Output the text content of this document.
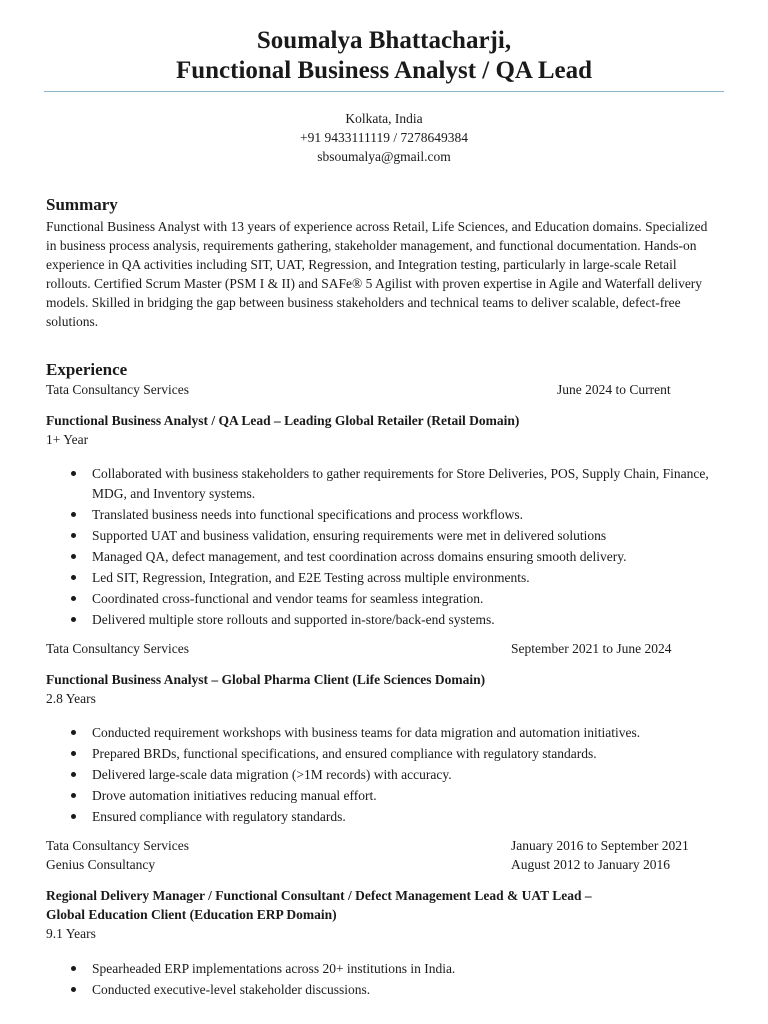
Soumalya Bhattacharji,
Functional Business Analyst / QA Lead
Kolkata, India
+91 9433111119 / 7278649384
sbsoumalya@gmail.com
Summary
Functional Business Analyst with 13 years of experience across Retail, Life Sciences, and Education domains. Specialized in business process analysis, requirements gathering, stakeholder management, and functional documentation. Hands-on experience in QA activities including SIT, UAT, Regression, and Integration testing, particularly in large-scale Retail rollouts. Certified Scrum Master (PSM I & II) and SAFe® 5 Agilist with proven expertise in Agile and Waterfall delivery models. Skilled in bridging the gap between business stakeholders and technical teams to deliver scalable, defect-free solutions.
Experience
Tata Consultancy Services	June 2024 to Current
Functional Business Analyst / QA Lead – Leading Global Retailer (Retail Domain)
1+ Year
Collaborated with business stakeholders to gather requirements for Store Deliveries, POS, Supply Chain, Finance, MDG, and Inventory systems.
Translated business needs into functional specifications and process workflows.
Supported UAT and business validation, ensuring requirements were met in delivered solutions
Managed QA, defect management, and test coordination across domains ensuring smooth delivery.
Led SIT, Regression, Integration, and E2E Testing across multiple environments.
Coordinated cross-functional and vendor teams for seamless integration.
Delivered multiple store rollouts and supported in-store/back-end systems.
Tata Consultancy Services	September 2021 to June 2024
Functional Business Analyst – Global Pharma Client (Life Sciences Domain)
2.8 Years
Conducted requirement workshops with business teams for data migration and automation initiatives.
Prepared BRDs, functional specifications, and ensured compliance with regulatory standards.
Delivered large-scale data migration (>1M records) with accuracy.
Drove automation initiatives reducing manual effort.
Ensured compliance with regulatory standards.
Tata Consultancy Services	January 2016 to September 2021
Genius Consultancy	August 2012 to January 2016
Regional Delivery Manager / Functional Consultant / Defect Management Lead & UAT Lead –
Global Education Client (Education ERP Domain)
9.1 Years
Spearheaded ERP implementations across 20+ institutions in India.
Conducted executive-level stakeholder discussions.
